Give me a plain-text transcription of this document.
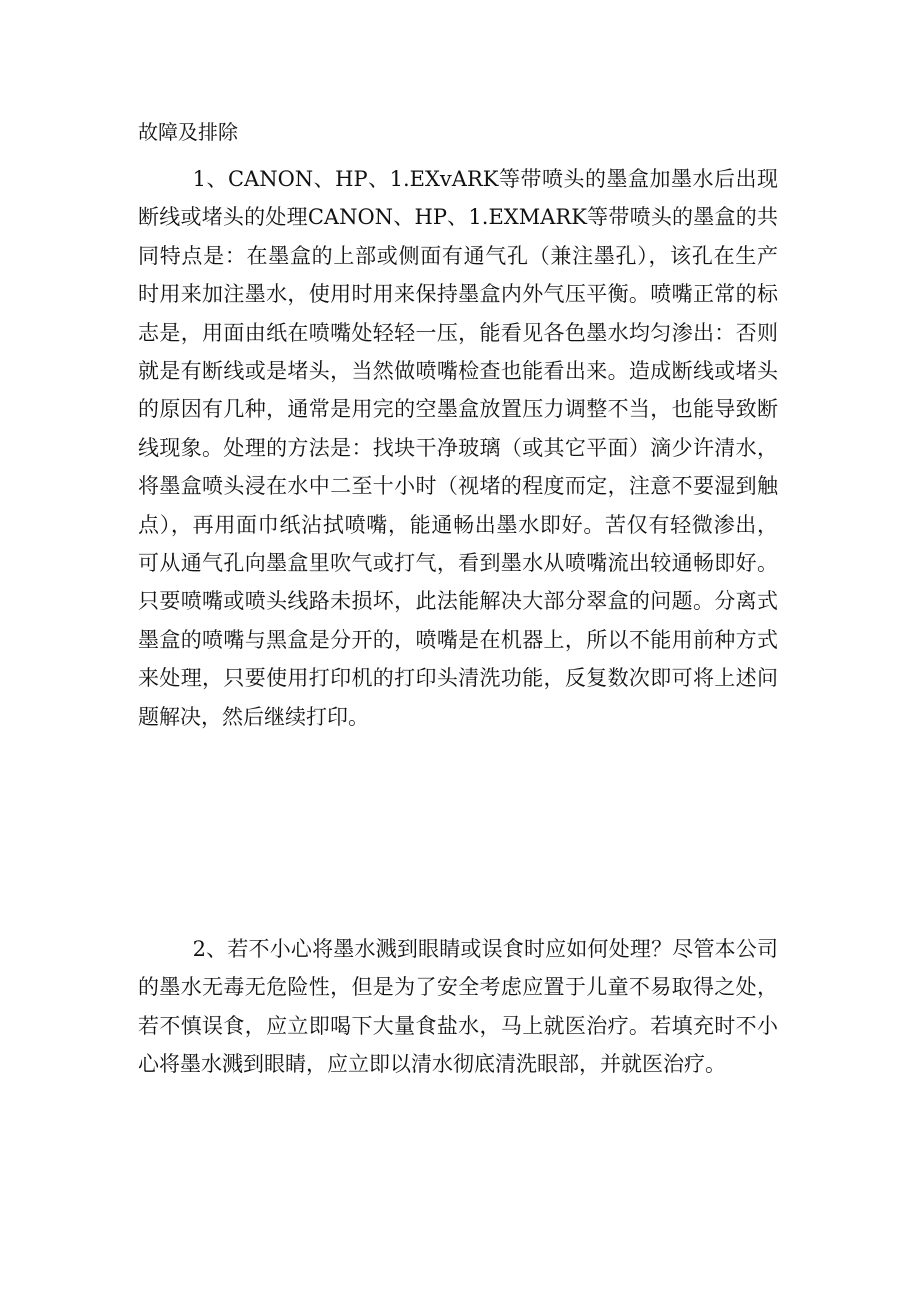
故障及排除

1、CANON、HP、1.EXvARK等带喷头的墨盒加墨水后出现断线或堵头的处理CANON、HP、1.EXMARK等带喷头的墨盒的共同特点是：在墨盒的上部或侧面有通气孔（兼注墨孔），该孔在生产时用来加注墨水，使用时用来保持墨盒内外气压平衡。喷嘴正常的标志是，用面由纸在喷嘴处轻轻一压，能看见各色墨水均匀渗出：否则就是有断线或是堵头，当然做喷嘴检查也能看出来。造成断线或堵头的原因有几种，通常是用完的空墨盒放置压力调整不当，也能导致断线现象。处理的方法是：找块干净玻璃（或其它平面）滴少许清水，将墨盒喷头浸在水中二至十小时（视堵的程度而定，注意不要湿到触点），再用面巾纸沾拭喷嘴，能通畅出墨水即好。苦仅有轻微渗出，可从通气孔向墨盒里吹气或打气，看到墨水从喷嘴流出较通畅即好。只要喷嘴或喷头线路未损坏，此法能解决大部分翠盒的问题。分离式墨盒的喷嘴与黑盒是分开的，喷嘴是在机器上，所以不能用前种方式来处理，只要使用打印机的打印头清洗功能，反复数次即可将上述问题解决，然后继续打印。

2、若不小心将墨水溅到眼睛或误食时应如何处理？尽管本公司的墨水无毒无危险性，但是为了安全考虑应置于儿童不易取得之处，若不慎误食，应立即喝下大量食盐水，马上就医治疗。若填充时不小心将墨水溅到眼睛，应立即以清水彻底清洗眼部，并就医治疗。
